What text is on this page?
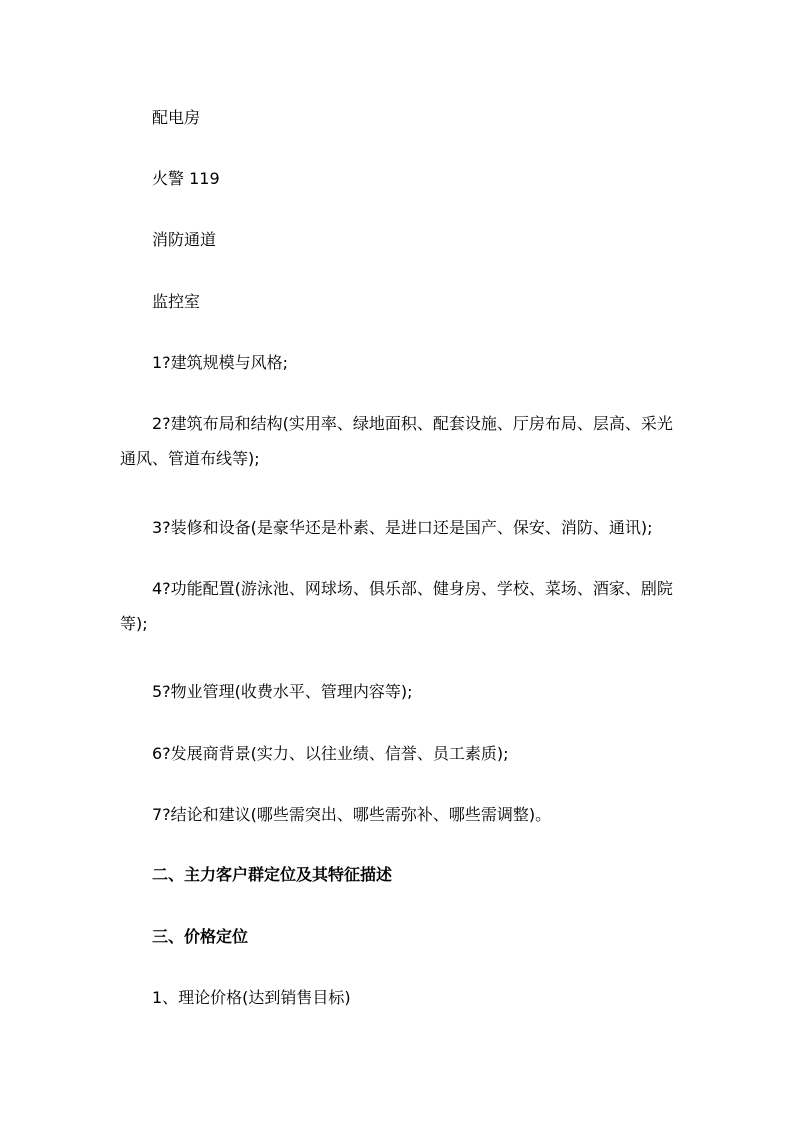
配电房
火警 119
消防通道
监控室
1?建筑规模与风格;
2?建筑布局和结构(实用率、绿地面积、配套设施、厅房布局、层高、采光通风、管道布线等);
3?装修和设备(是豪华还是朴素、是进口还是国产、保安、消防、通讯);
4?功能配置(游泳池、网球场、俱乐部、健身房、学校、菜场、酒家、剧院等);
5?物业管理(收费水平、管理内容等);
6?发展商背景(实力、以往业绩、信誉、员工素质);
7?结论和建议(哪些需突出、哪些需弥补、哪些需调整)。
二、主力客户群定位及其特征描述
三、价格定位
1、理论价格(达到销售目标)
